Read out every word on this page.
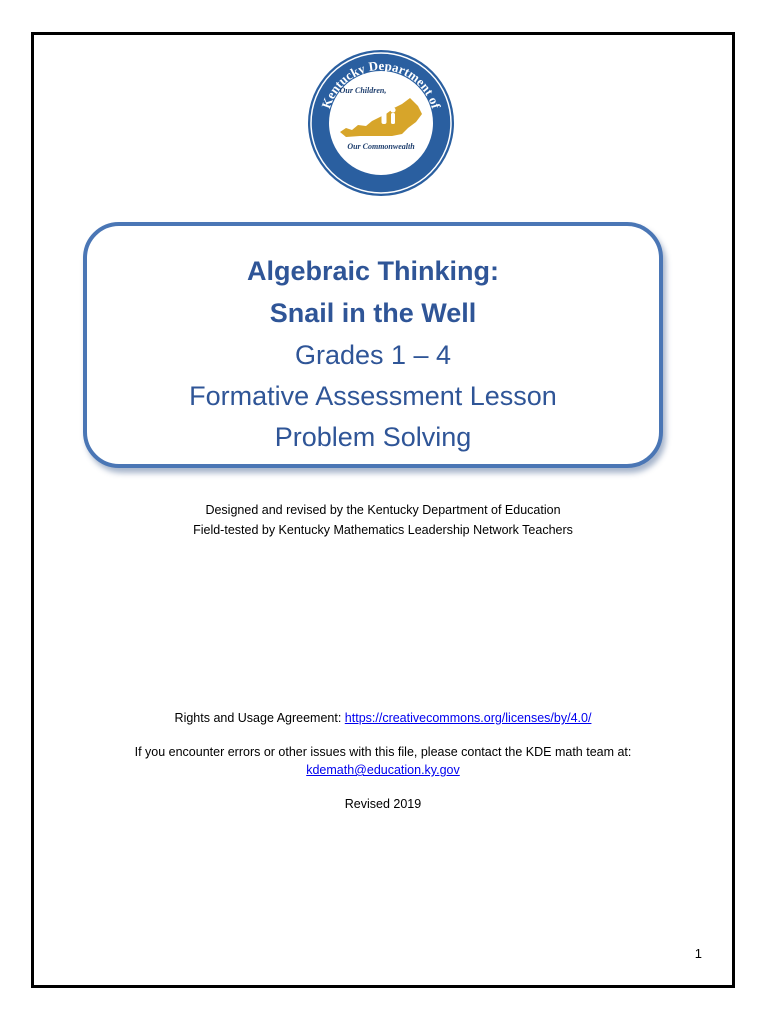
Kentucky Department of
Education
Our Children,
Our Commonwealth
Algebraic Thinking:
Snail in the Well
Grades 1 – 4
Formative Assessment Lesson
Problem Solving
Designed and revised by the Kentucky Department of Education
Field-tested by Kentucky Mathematics Leadership Network Teachers
Rights and Usage Agreement: https://creativecommons.org/licenses/by/4.0/
If you encounter errors or other issues with this file, please contact the KDE math team at:
kdemath@education.ky.gov
Revised 2019
1
